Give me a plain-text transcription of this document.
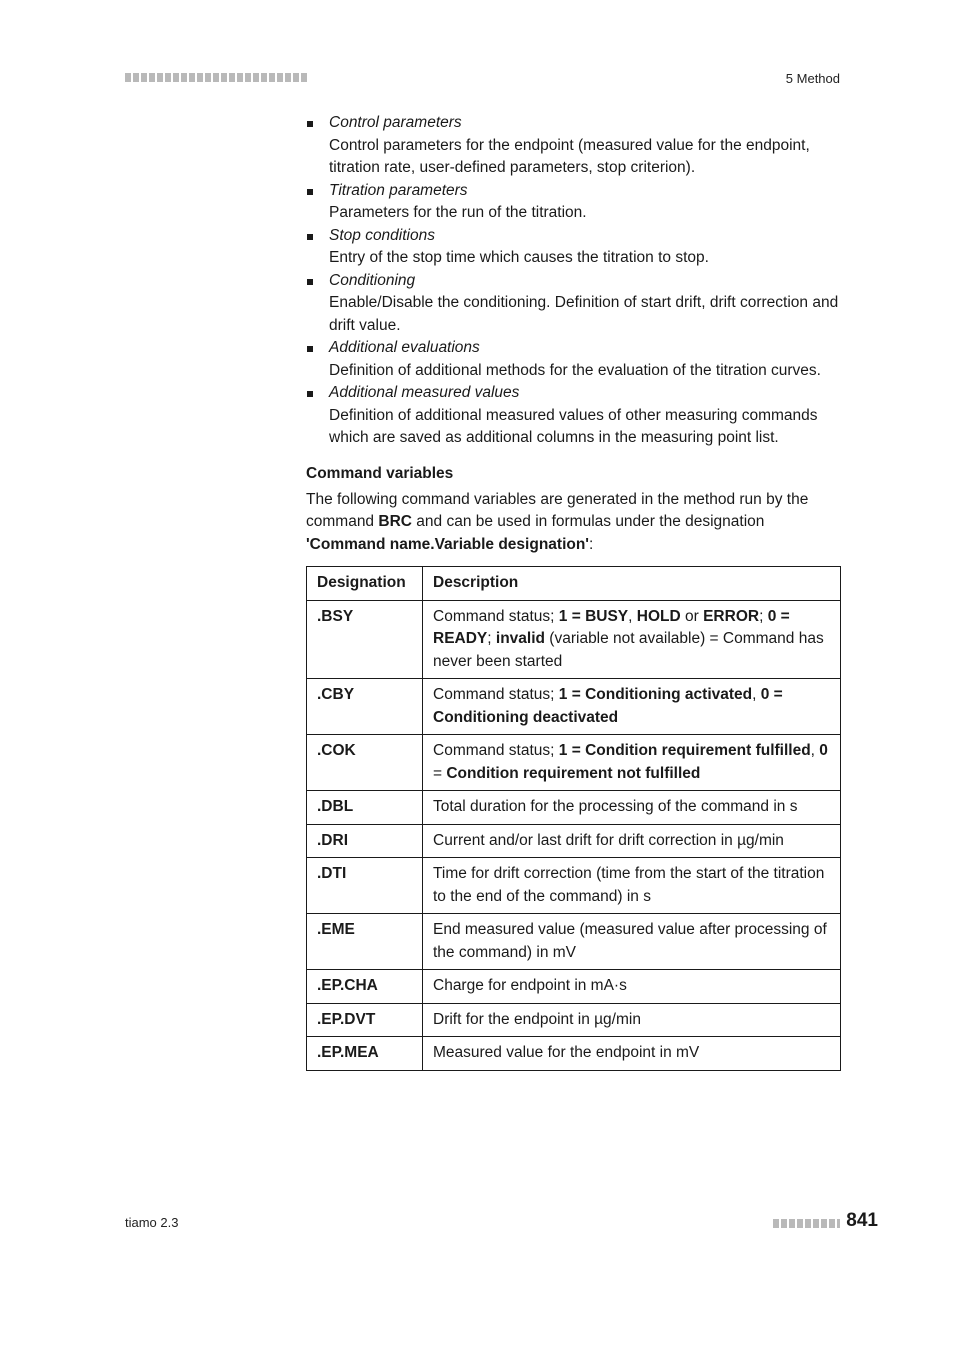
5 Method
Control parameters
Control parameters for the endpoint (measured value for the endpoint, titration rate, user-defined parameters, stop criterion).
Titration parameters
Parameters for the run of the titration.
Stop conditions
Entry of the stop time which causes the titration to stop.
Conditioning
Enable/Disable the conditioning. Definition of start drift, drift correction and drift value.
Additional evaluations
Definition of additional methods for the evaluation of the titration curves.
Additional measured values
Definition of additional measured values of other measuring commands which are saved as additional columns in the measuring point list.
Command variables

The following command variables are generated in the method run by the command BRC and can be used in formulas under the designation 'Command name.Variable designation':

Designation	Description
.BSY	Command status; 1 = BUSY, HOLD or ERROR; 0 = READY; invalid (variable not available) = Command has never been started
.CBY	Command status; 1 = Conditioning activated, 0 = Conditioning deactivated
.COK	Command status; 1 = Condition requirement fulfilled, 0 = Condition requirement not fulfilled
.DBL	Total duration for the processing of the command in s
.DRI	Current and/or last drift for drift correction in µg/min
.DTI	Time for drift correction (time from the start of the titration to the end of the command) in s
.EME	End measured value (measured value after processing of the command) in mV
.EP.CHA	Charge for endpoint in mA·s
.EP.DVT	Drift for the endpoint in µg/min
.EP.MEA	Measured value for the endpoint in mV
tiamo 2.3	841
